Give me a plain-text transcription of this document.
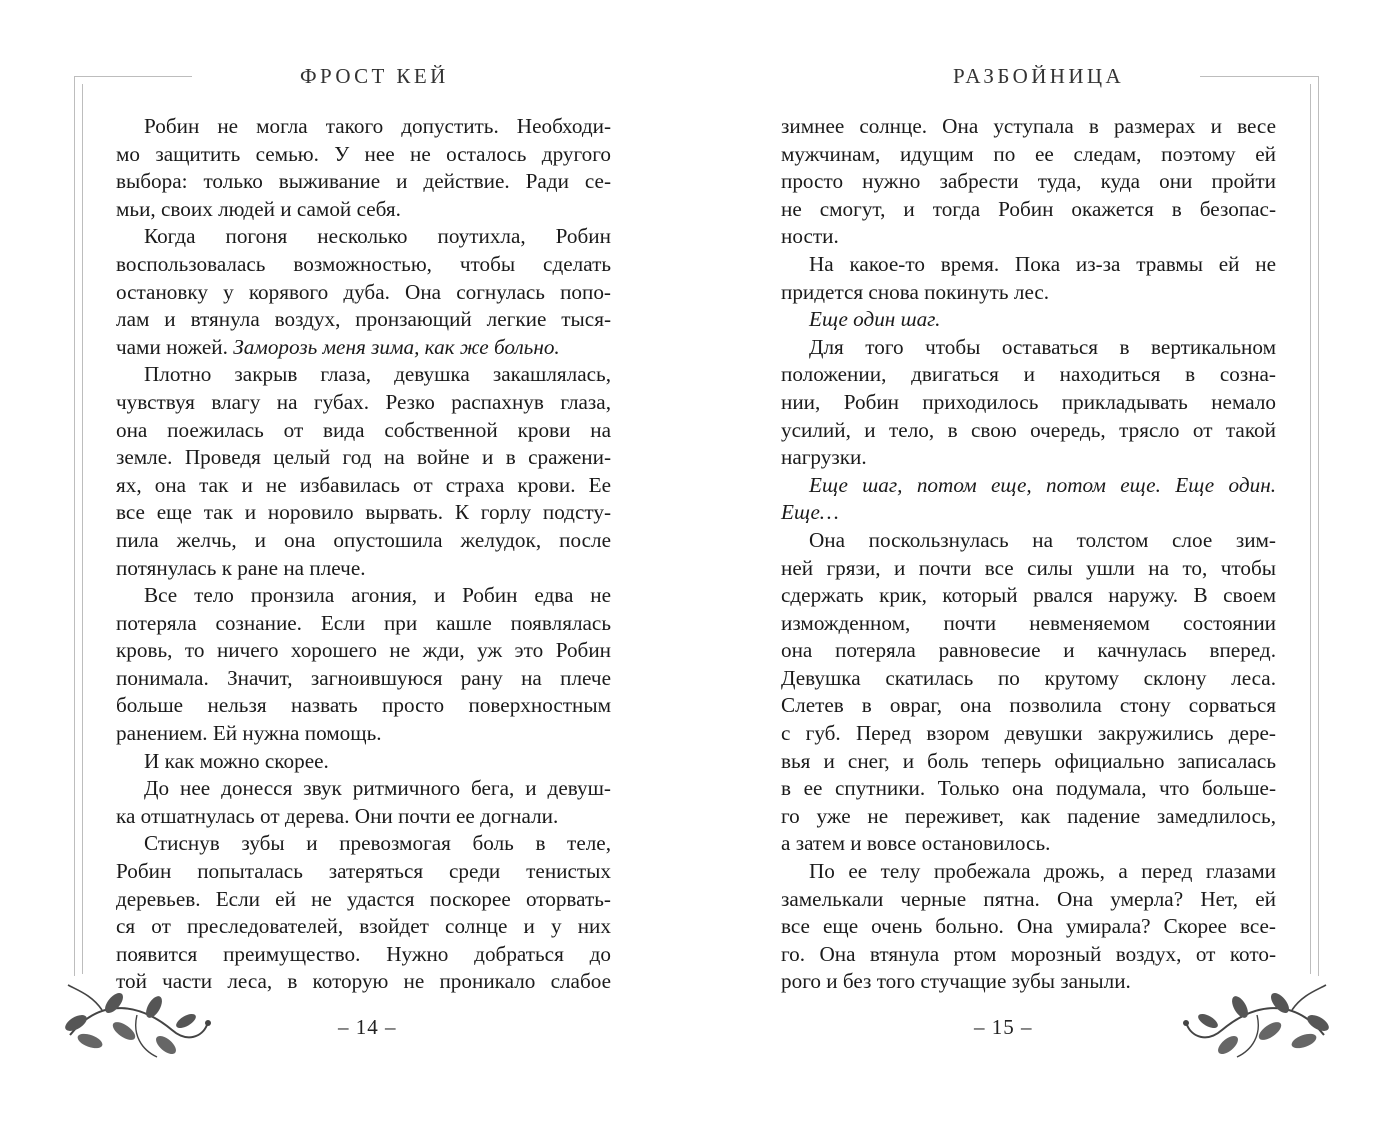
ФРОСТ КЕЙ
Робин не могла такого допустить. Необходи-
мо защитить семью. У нее не осталось другого
выбора: только выживание и действие. Ради се-
мьи, своих людей и самой себя.
Когда погоня несколько поутихла, Робин
воспользовалась возможностью, чтобы сделать
остановку у корявого дуба. Она согнулась попо-
лам и втянула воздух, пронзающий легкие тыся-
чами ножей. Заморозь меня зима, как же больно.
Плотно закрыв глаза, девушка закашлялась,
чувствуя влагу на губах. Резко распахнув глаза,
она поежилась от вида собственной крови на
земле. Проведя целый год на войне и в сражени-
ях, она так и не избавилась от страха крови. Ее
все еще так и норовило вырвать. К горлу подсту-
пила желчь, и она опустошила желудок, после
потянулась к ране на плече.
Все тело пронзила агония, и Робин едва не
потеряла сознание. Если при кашле появлялась
кровь, то ничего хорошего не жди, уж это Робин
понимала. Значит, загноившуюся рану на плече
больше нельзя назвать просто поверхностным
ранением. Ей нужна помощь.
И как можно скорее.
До нее донесся звук ритмичного бега, и девуш-
ка отшатнулась от дерева. Они почти ее догнали.
Стиснув зубы и превозмогая боль в теле,
Робин попыталась затеряться среди тенистых
деревьев. Если ей не удастся поскорее оторвать-
ся от преследователей, взойдет солнце и у них
появится преимущество. Нужно добраться до
той части леса, в которую не проникало слабое
– 14 –
РАЗБОЙНИЦА
зимнее солнце. Она уступала в размерах и весе
мужчинам, идущим по ее следам, поэтому ей
просто нужно забрести туда, куда они пройти
не смогут, и тогда Робин окажется в безопас-
ности.
На какое-то время. Пока из-за травмы ей не
придется снова покинуть лес.
Еще один шаг.
Для того чтобы оставаться в вертикальном
положении, двигаться и находиться в созна-
нии, Робин приходилось прикладывать немало
усилий, и тело, в свою очередь, трясло от такой
нагрузки.
Еще шаг, потом еще, потом еще. Еще один.
Еще…
Она поскользнулась на толстом слое зим-
ней грязи, и почти все силы ушли на то, чтобы
сдержать крик, который рвался наружу. В своем
изможденном, почти невменяемом состоянии
она потеряла равновесие и качнулась вперед.
Девушка скатилась по крутому склону леса.
Слетев в овраг, она позволила стону сорваться
с губ. Перед взором девушки закружились дере-
вья и снег, и боль теперь официально записалась
в ее спутники. Только она подумала, что большe-
го уже не переживет, как падение замедлилось,
а затем и вовсе остановилось.
По ее телу пробежала дрожь, а перед глазами
замелькали черные пятна. Она умерла? Нет, ей
все еще очень больно. Она умирала? Скорее все-
го. Она втянула ртом морозный воздух, от кото-
рого и без того стучащие зубы заныли.
– 15 –
